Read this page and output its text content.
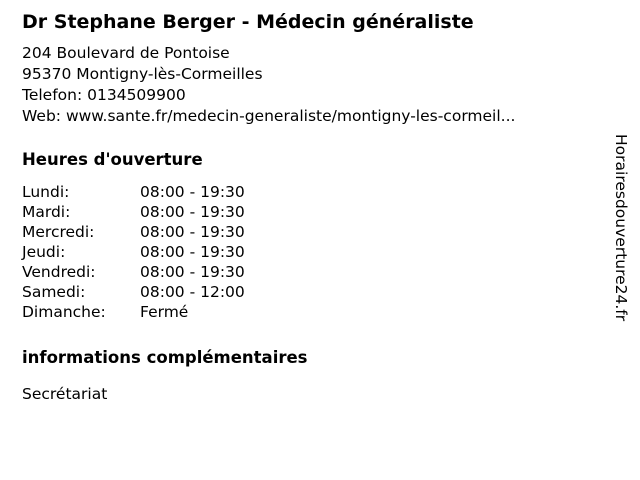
Dr Stephane Berger - Médecin généraliste
204 Boulevard de Pontoise
95370 Montigny-lès-Cormeilles
Telefon: 0134509900
Web: www.sante.fr/medecin-generaliste/montigny-les-cormeil...
Heures d'ouverture
Lundi:	08:00 - 19:30
Mardi:	08:00 - 19:30
Mercredi:	08:00 - 19:30
Jeudi:	08:00 - 19:30
Vendredi:	08:00 - 19:30
Samedi:	08:00 - 12:00
Dimanche:	Fermé
informations complémentaires
Secrétariat
Horairesdouverture24.fr
